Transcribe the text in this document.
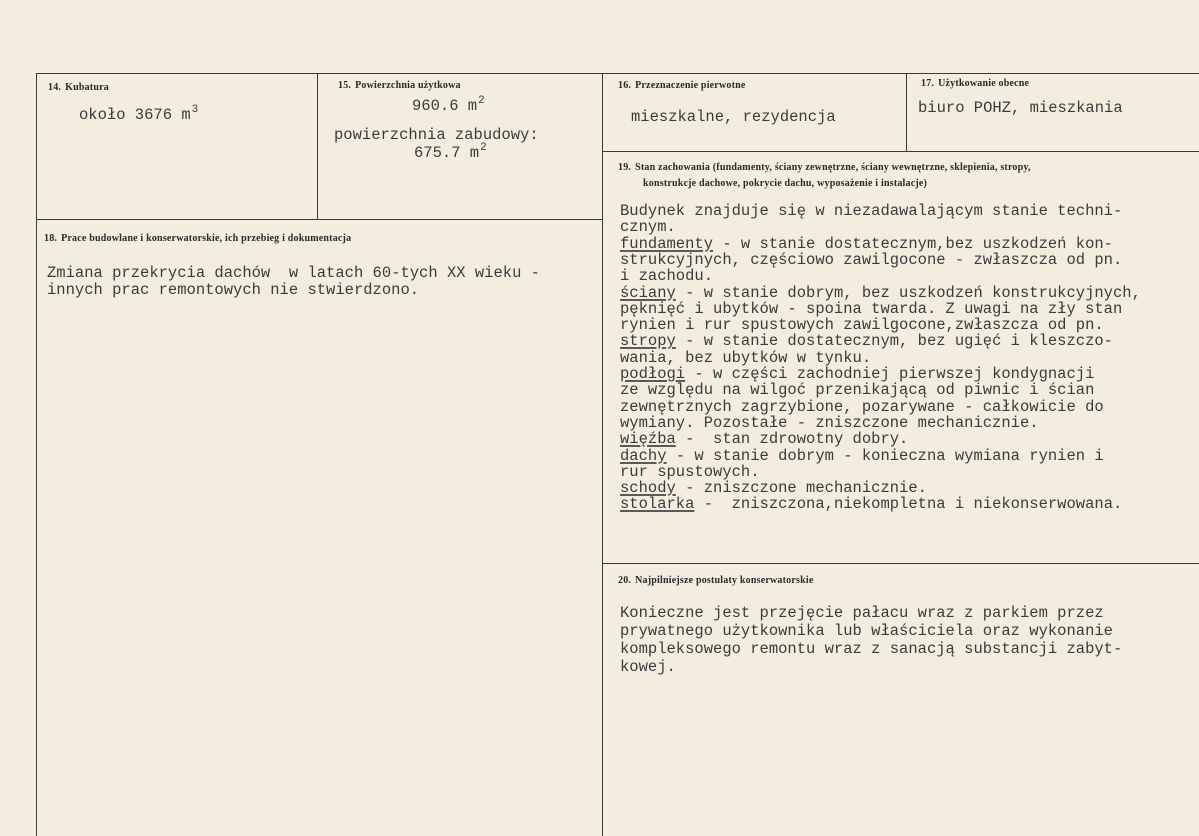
14. Kubatura
około 3676 $m^3$
15. Powierzchnia użytkowa
960.6 $m^2$
powierzchnia zabudowy:
675.7 $m^2$
16. Przeznaczenie pierwotne
mieszkalne, rezydencja
17. Użytkowanie obecne
biuro POHZ, mieszkania
18. Prace budowlane i konserwatorskie, ich przebieg i dokumentacja
Zmiana przekrycia dachów  w latach 60-tych XX wieku -
innych prac remontowych nie stwierdzono.
19. Stan zachowania (fundamenty, ściany zewnętrzne, ściany wewnętrzne, sklepienia, stropy,
konstrukcje dachowe, pokrycie dachu, wyposażenie i instalacje)
Budynek znajduje się w niezadawalającym stanie techni-
cznym.
fundamenty - w stanie dostatecznym,bez uszkodzeń kon-
strukcyjnych, częściowo zawilgocone - zwłaszcza od pn.
i zachodu.
ściany - w stanie dobrym, bez uszkodzeń konstrukcyjnych,
pęknięć i ubytków - spoina twarda. Z uwagi na zły stan
rynien i rur spustowych zawilgocone,zwłaszcza od pn.
stropy - w stanie dostatecznym, bez ugięć i kleszczo-
wania, bez ubytków w tynku.
podłogi - w części zachodniej pierwszej kondygnacji
ze względu na wilgoć przenikającą od piwnic i ścian
zewnętrznych zagrzybione, pozarywane - całkowicie do
wymiany. Pozostałe - zniszczone mechanicznie.
więźba -  stan zdrowotny dobry.
dachy - w stanie dobrym - konieczna wymiana rynien i
rur spustowych.
schody - zniszczone mechanicznie.
stolarka -  zniszczona,niekompletna i niekonserwowana.
20. Najpilniejsze postulaty konserwatorskie
Konieczne jest przejęcie pałacu wraz z parkiem przez
prywatnego użytkownika lub właściciela oraz wykonanie
kompleksowego remontu wraz z sanacją substancji zabyt-
kowej.
